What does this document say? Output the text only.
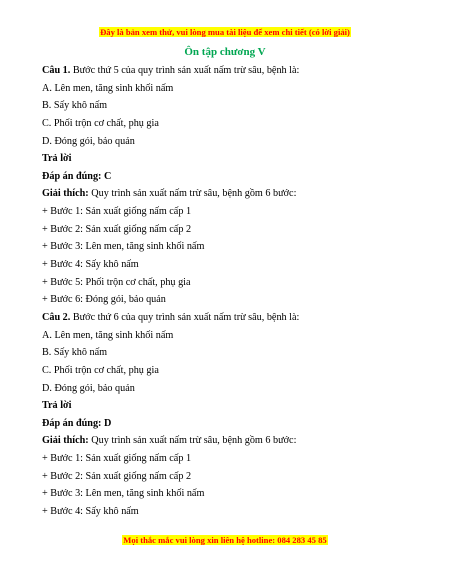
Đây là bản xem thử, vui lòng mua tài liệu để xem chi tiết (có lời giải)
Ôn tập chương V
Câu 1. Bước thứ 5 của quy trình sản xuất nấm trừ sâu, bệnh là:
A. Lên men, tăng sinh khối nấm
B. Sấy khô nấm
C. Phối trộn cơ chất, phụ gia
D. Đóng gói, bảo quản
Trả lời
Đáp án đúng: C
Giải thích: Quy trình sản xuất nấm trừ sâu, bệnh gồm 6 bước:
+ Bước 1: Sản xuất giống nấm cấp 1
+ Bước 2: Sản xuất giống nấm cấp 2
+ Bước 3: Lên men, tăng sinh khối nấm
+ Bước 4: Sấy khô nấm
+ Bước 5: Phối trộn cơ chất, phụ gia
+ Bước 6: Đóng gói, bảo quản
Câu 2. Bước thứ 6 của quy trình sản xuất nấm trừ sâu, bệnh là:
A. Lên men, tăng sinh khối nấm
B. Sấy khô nấm
C. Phối trộn cơ chất, phụ gia
D. Đóng gói, bảo quản
Trả lời
Đáp án đúng: D
Giải thích: Quy trình sản xuất nấm trừ sâu, bệnh gồm 6 bước:
+ Bước 1: Sản xuất giống nấm cấp 1
+ Bước 2: Sản xuất giống nấm cấp 2
+ Bước 3: Lên men, tăng sinh khối nấm
+ Bước 4: Sấy khô nấm
Mọi thắc mắc vui lòng xin liên hệ hotline: 084 283 45 85
